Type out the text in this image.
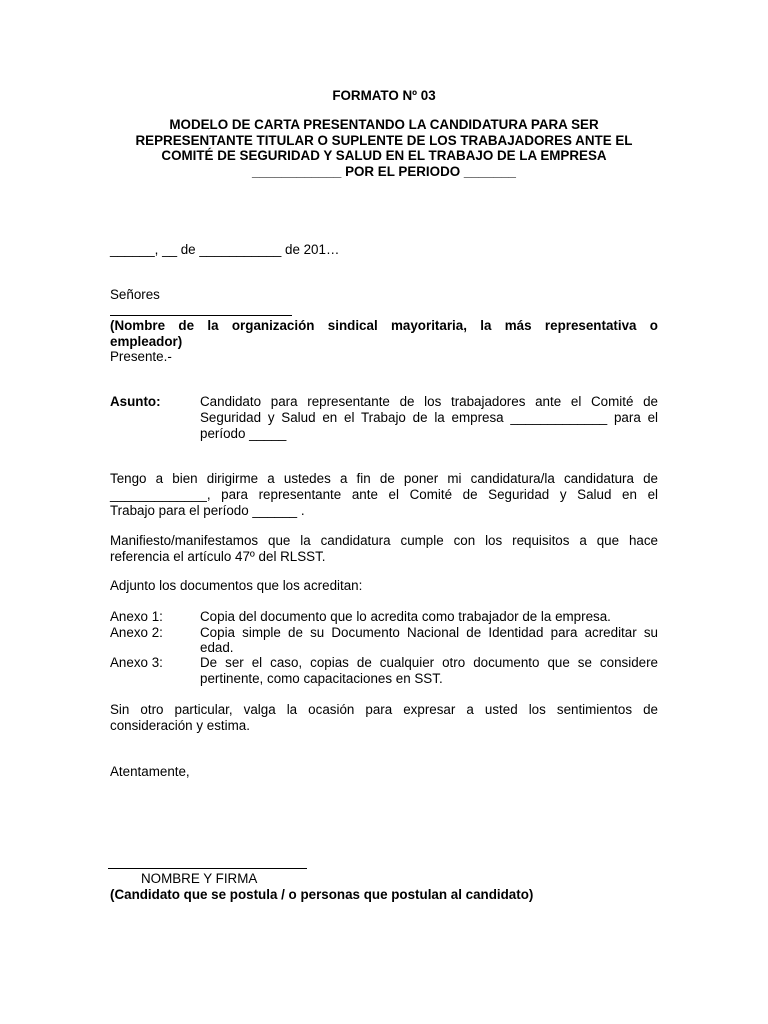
FORMATO Nº 03

MODELO DE CARTA PRESENTANDO LA CANDIDATURA PARA SER

REPRESENTANTE TITULAR O SUPLENTE DE LOS TRABAJADORES ANTE EL

COMITÉ DE SEGURIDAD Y SALUD EN EL TRABAJO DE LA EMPRESA

____________ POR EL PERIODO _______

______, __ de ___________ de 201…

Señores

(Nombre de la organización sindical mayoritaria, la más representativa o

empleador)

Presente.-

Asunto:	Candidato para representante de los trabajadores ante el Comité de

Seguridad y Salud en el Trabajo de la empresa _____________ para el

período _____

Tengo a bien dirigirme a ustedes a fin de poner mi candidatura/la candidatura de

_____________, para representante ante el Comité de Seguridad y Salud en el

Trabajo para el período ______ .

Manifiesto/manifestamos que la candidatura cumple con los requisitos a que hace

referencia el artículo 47º del RLSST.

Adjunto los documentos que los acreditan:

Anexo 1:	Copia del documento que lo acredita como trabajador de la empresa.

Anexo 2:	Copia simple de su Documento Nacional de Identidad para acreditar su

edad.

Anexo 3:	De ser el caso, copias de cualquier otro documento que se considere

pertinente, como capacitaciones en SST.

Sin otro particular, valga la ocasión para expresar a usted los sentimientos de

consideración y estima.

Atentamente,

NOMBRE Y FIRMA

(Candidato que se postula / o personas que postulan al candidato)
